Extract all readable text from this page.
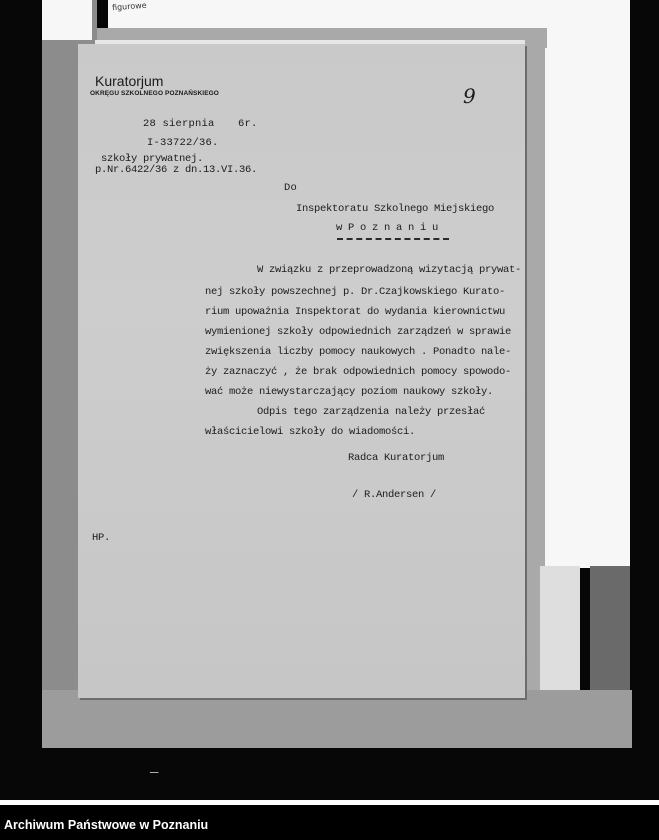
figurowe
Kuratorjum
OKRĘGU SZKOLNEGO POZNAŃSKIEGO	9
28 sierpnia 6r.
I-33722/36.
szkoły prywatnej.
p.Nr.6422/36 z dn.13.VI.36.
Do
Inspektoratu Szkolnego Miejskiego
w P o z n a n i u
W związku z przeprowadzoną wizytacją prywat-
nej szkoły powszechnej p. Dr.Czajkowskiego Kurato-
rium upoważnia Inspektorat do wydania kierownictwu
wymienionej szkoły odpowiednich zarządzeń w sprawie
zwiększenia liczby pomocy naukowych . Ponadto nale-
ży zaznaczyć , że brak odpowiednich pomocy spowodo-
wać może niewystarczający poziom naukowy szkoły.
Odpis tego zarządzenia należy przesłać
właścicielowi szkoły do wiadomości.
Radca Kuratorjum
/ R.Andersen /
HP.
—
Archiwum Państwowe w Poznaniu
